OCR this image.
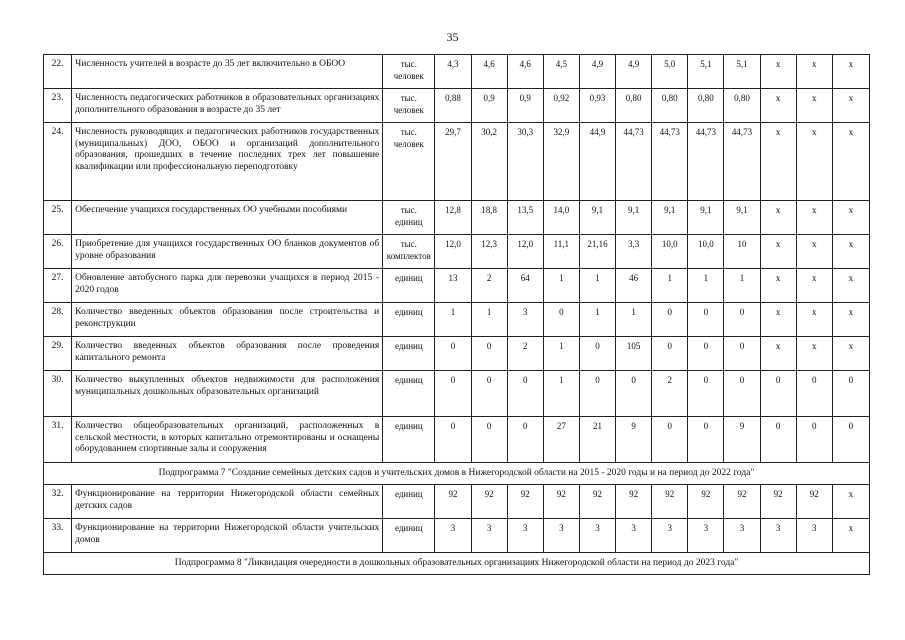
35
22.	Численность учителей в возрасте до 35 лет включительно в ОБОО	тыс. человек	4,3	4,6	4,6	4,5	4,9	4,9	5,0	5,1	5,1	x	x	x
23.	Численность педагогических работников в образовательных организациях дополнительного образования в возрасте до 35 лет	тыс. человек	0,88	0,9	0,9	0,92	0,93	0,80	0,80	0,80	0,80	x	x	x
24.	Численность руководящих и педагогических работников государственных (муниципальных) ДОО, ОБОО и организаций дополнительного образования, прошедших в течение последних трех лет повышение квалификации или профессиональную переподготовку	тыс. человек	29,7	30,2	30,3	32,9	44,9	44,73	44,73	44,73	44,73	x	x	x
25.	Обеспечение учащихся государственных ОО учебными пособиями	тыс. единиц	12,8	18,8	13,5	14,0	9,1	9,1	9,1	9,1	9,1	x	x	x
26.	Приобретение для учащихся государственных ОО бланков документов об уровне образования	тыс. комплектов	12,0	12,3	12,0	11,1	21,16	3,3	10,0	10,0	10	x	x	x
27.	Обновление автобусного парка для перевозки учащихся в период 2015 - 2020 годов	единиц	13	2	64	1	1	46	1	1	1	x	x	x
28.	Количество введенных объектов образования после строительства и реконструкции	единиц	1	1	3	0	1	1	0	0	0	x	x	x
29.	Количество введенных объектов образования после проведения капитального ремонта	единиц	0	0	2	1	0	105	0	0	0	x	x	x
30.	Количество выкупленных объектов недвижимости для расположения муниципальных дошкольных образовательных организаций	единиц	0	0	0	1	0	0	2	0	0	0	0	0
31.	Количество общеобразовательных организаций, расположенных в сельской местности, в которых капитально отремонтированы и оснащены оборудованием спортивные залы и сооружения	единиц	0	0	0	27	21	9	0	0	9	0	0	0
Подпрограмма 7 "Создание семейных детских садов и учительских домов в Нижегородской области на 2015 - 2020 годы и на период до 2022 года"														
32.	Функционирование на территории Нижегородской области семейных детских садов	единиц	92	92	92	92	92	92	92	92	92	92	92	x
33.	Функционирование на территории Нижегородской области учительских домов	единиц	3	3	3	3	3	3	3	3	3	3	3	x
Подпрограмма 8 "Ликвидация очередности в дошкольных образовательных организациях Нижегородской области на период до 2023 года"														
